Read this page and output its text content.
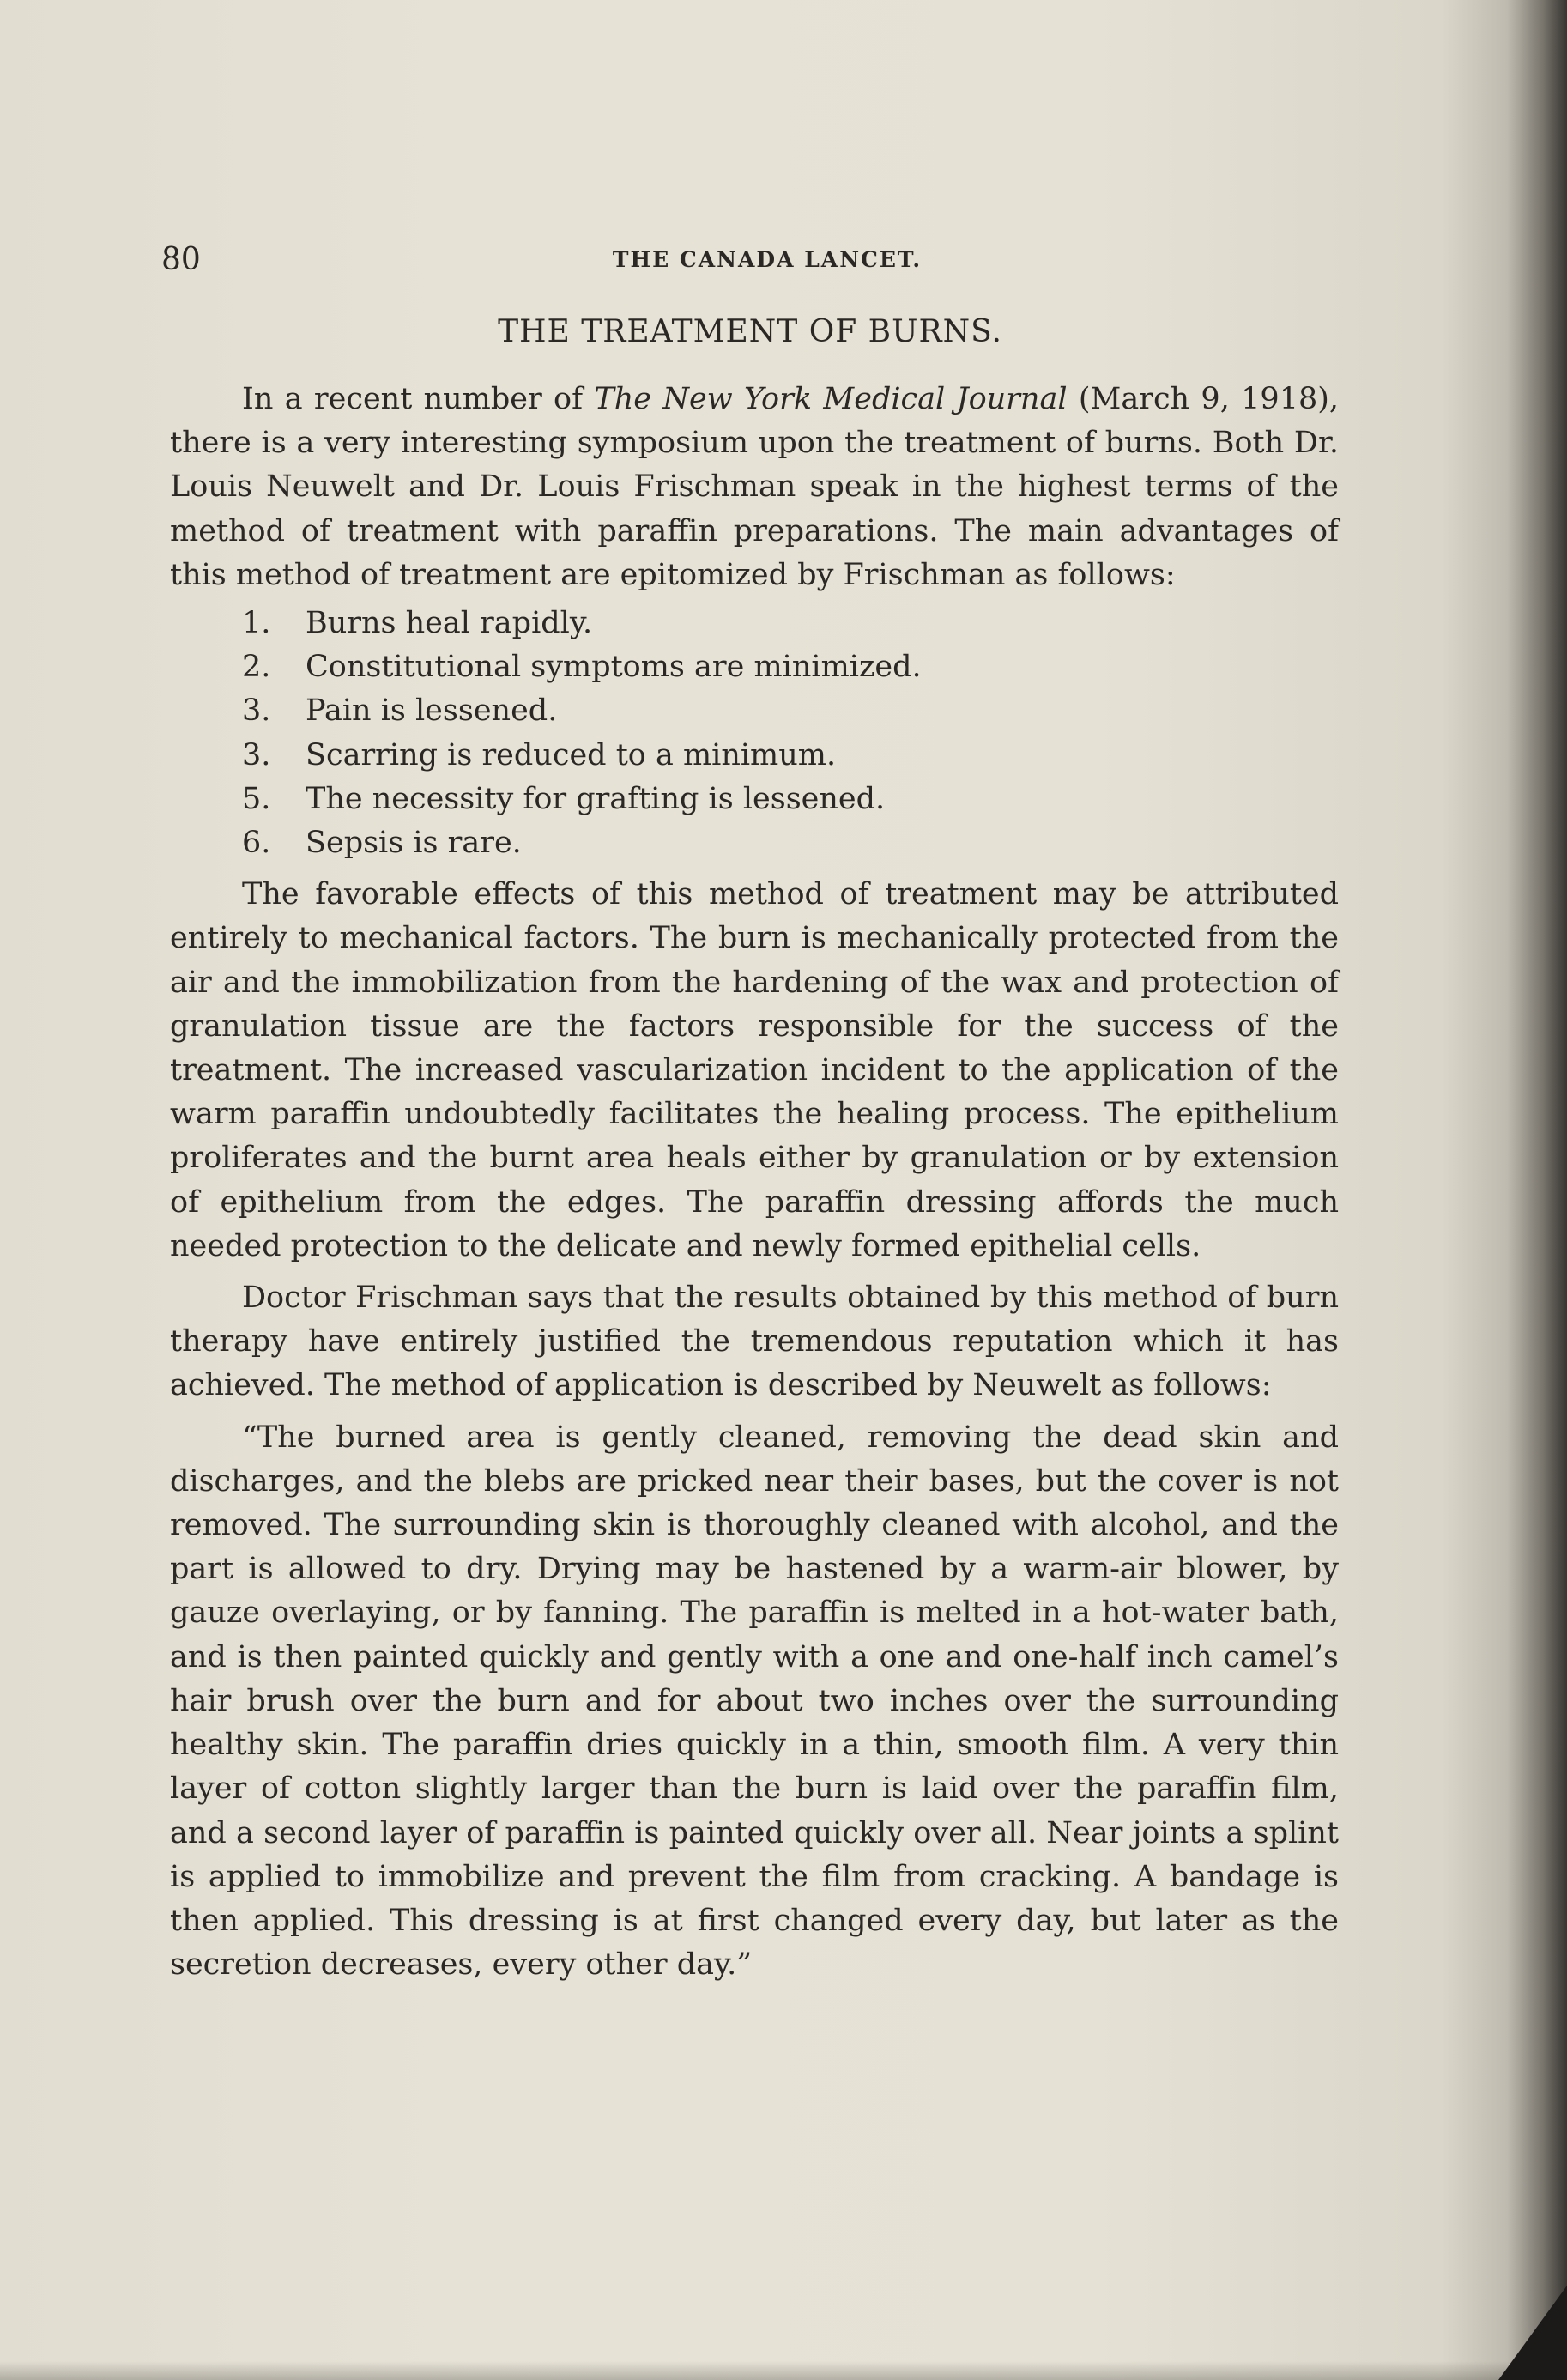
80	THE CANADA LANCET.
THE TREATMENT OF BURNS.

In a recent number of The New York Medical Journal (March 9, 1918), there is a very interesting symposium upon the treatment of burns. Both Dr. Louis Neuwelt and Dr. Louis Frischman speak in the highest terms of the method of treatment with paraffin preparations. The main advantages of this method of treatment are epitomized by Frischman as follows:

1. Burns heal rapidly.
2. Constitutional symptoms are minimized.
3. Pain is lessened.
3. Scarring is reduced to a minimum.
5. The necessity for grafting is lessened.
6. Sepsis is rare.

The favorable effects of this method of treatment may be attributed entirely to mechanical factors. The burn is mechanically protected from the air and the immobilization from the hardening of the wax and protection of granulation tissue are the factors responsible for the success of the treatment. The increased vascularization incident to the application of the warm paraffin undoubtedly facilitates the healing process. The epithelium proliferates and the burnt area heals either by granulation or by extension of epithelium from the edges. The paraffin dressing affords the much needed protection to the delicate and newly formed epithelial cells.

Doctor Frischman says that the results obtained by this method of burn therapy have entirely justified the tremendous reputation which it has achieved. The method of application is described by Neuwelt as follows:

“The burned area is gently cleaned, removing the dead skin and discharges, and the blebs are pricked near their bases, but the cover is not removed. The surrounding skin is thoroughly cleaned with alcohol, and the part is allowed to dry. Drying may be hastened by a warm-air blower, by gauze overlaying, or by fanning. The paraffin is melted in a hot-water bath, and is then painted quickly and gently with a one and one-half inch camel’s hair brush over the burn and for about two inches over the surrounding healthy skin. The paraffin dries quickly in a thin, smooth film. A very thin layer of cotton slightly larger than the burn is laid over the paraffin film, and a second layer of paraffin is painted quickly over all. Near joints a splint is applied to immobilize and prevent the film from cracking. A bandage is then applied. This dressing is at first changed every day, but later as the secretion decreases, every other day.”
